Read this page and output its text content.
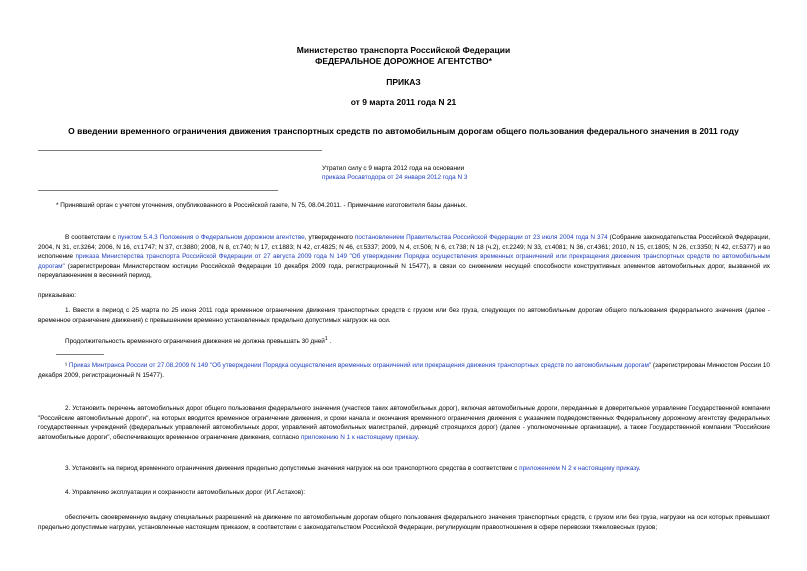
Министерство транспорта Российской Федерации
ФЕДЕРАЛЬНОЕ ДОРОЖНОЕ АГЕНТСТВО*
ПРИКАЗ
от 9 марта 2011 года N 21
О введении временного ограничения движения транспортных средств по автомобильным дорогам общего пользования федерального значения в 2011 году
Утратил силу с 9 марта 2012 года на основании
приказа Росавтодора от 24 января 2012 года N 3
* Принявший орган с учетом уточнения, опубликованного в Российской газете, N 75, 08.04.2011. - Примечание изготовителя базы данных.
В соответствии с пунктом 5.4.3 Положения о Федеральном дорожном агентстве, утвержденного постановлением Правительства Российской Федерации от 23 июля 2004 года N 374 (Собрание законодательства Российской Федерации, 2004, N 31, ст.3264; 2006, N 16, ст.1747; N 37, ст.3880; 2008, N 8, ст.740; N 17, ст.1883; N 42, ст.4825; N 46, ст.5337; 2009, N 4, ст.506; N 6, ст.738; N 18 (ч.2), ст.2249; N 33, ст.4081; N 36, ст.4361; 2010, N 15, ст.1805; N 26, ст.3350; N 42, ст.5377) и во исполнение приказа Министерства транспорта Российской Федерации от 27 августа 2009 года N 149 "Об утверждении Порядка осуществления временных ограничений или прекращения движения транспортных средств по автомобильным дорогам" (зарегистрирован Министерством юстиции Российской Федерации 10 декабря 2009 года, регистрационный N 15477), в связи со снижением несущей способности конструктивных элементов автомобильных дорог, вызванной их переувлажнением в весенний период,
приказываю:
1. Ввести в период с 25 марта по 25 июня 2011 года временное ограничение движения транспортных средств с грузом или без груза, следующих по автомобильным дорогам общего пользования федерального значения (далее - временное ограничение движения) с превышением временно установленных предельно допустимых нагрузок на оси.
Продолжительность временного ограничения движения не должна превышать 30 дней$^1$ .
¹ Приказ Минтранса России от 27.08.2009 N 149 "Об утверждении Порядка осуществления временных ограничений или прекращения движения транспортных средств по автомобильным дорогам" (зарегистрирован Минюстом России 10 декабря 2009, регистрационный N 15477).
2. Установить перечень автомобильных дорог общего пользования федерального значения (участков таких автомобильных дорог), включая автомобильные дороги, переданные в доверительное управление Государственной компании "Российские автомобильные дороги", на которых вводится временное ограничение движения, и сроки начала и окончания временного ограничения движения с указанием подведомственных Федеральному дорожному агентству федеральных государственных учреждений (федеральных управлений автомобильных дорог, управлений автомобильных магистралей, дирекций строящихся дорог) (далее - уполномоченные организации), а также Государственной компании "Российские автомобильные дороги", обеспечивающих временное ограничение движения, согласно приложению N 1 к настоящему приказу.
3. Установить на период временного ограничения движения предельно допустимые значения нагрузок на оси транспортного средства в соответствии с приложением N 2 к настоящему приказу.
4. Управлению эксплуатации и сохранности автомобильных дорог (И.Г.Астахов):
обеспечить своевременную выдачу специальных разрешений на движение по автомобильным дорогам общего пользования федерального значения транспортных средств, с грузом или без груза, нагрузки на оси которых превышают предельно допустимые нагрузки, установленные настоящим приказом, в соответствии с законодательством Российской Федерации, регулирующим правоотношения в сфере перевозки тяжеловесных грузов;
